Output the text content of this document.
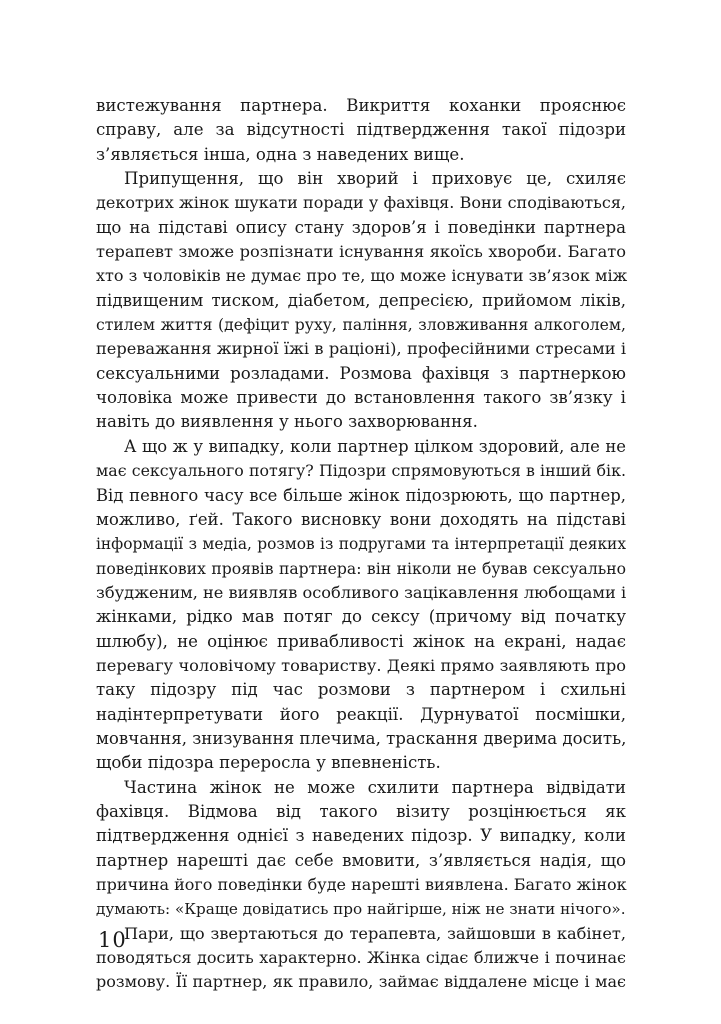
вистежування партнера. Викриття коханки прояснює
справу, але за відсутності підтвердження такої підозри
з’являється інша, одна з наведених вище.
Припущення, що він хворий і приховує це, схиляє
декотрих жінок шукати поради у фахівця. Вони сподіваються,
що на підставі опису стану здоров’я і поведінки партнера
терапевт зможе розпізнати існування якоїсь хвороби. Багато
хто з чоловіків не думає про те, що може існувати зв’язок між
підвищеним тиском, діабетом, депресією, прийомом ліків,
стилем життя (дефіцит руху, паління, зловживання алкоголем,
переважання жирної їжі в раціоні), професійними стресами і
сексуальними розладами. Розмова фахівця з партнеркою
чоловіка може привести до встановлення такого зв’язку і
навіть до виявлення у нього захворювання.
А що ж у випадку, коли партнер цілком здоровий, але не
має сексуального потягу? Підозри спрямовуються в інший бік.
Від певного часу все більше жінок підозрюють, що партнер,
можливо, ґей. Такого висновку вони доходять на підставі
інформації з медіа, розмов із подругами та інтерпретації деяких
поведінкових проявів партнера: він ніколи не бував сексуально
збудженим, не виявляв особливого зацікавлення любощами і
жінками, рідко мав потяг до сексу (причому від початку
шлюбу), не оцінює привабливості жінок на екрані, надає
перевагу чоловічому товариству. Деякі прямо заявляють про
таку підозру під час розмови з партнером і схильні
надінтерпретувати його реакції. Дурнуватої посмішки,
мовчання, знизування плечима, траскання дверима досить,
щоби підозра переросла у впевненість.
Частина жінок не може схилити партнера відвідати
фахівця. Відмова від такого візиту розцінюється як
підтвердження однієї з наведених підозр. У випадку, коли
партнер нарешті дає себе вмовити, з’являється надія, що
причина його поведінки буде нарешті виявлена. Багато жінок
думають: «Краще довідатись про найгірше, ніж не знати нічого».
Пари, що звертаються до терапевта, зайшовши в кабінет,
поводяться досить характерно. Жінка сідає ближче і починає
розмову. Її партнер, як правило, займає віддалене місце і має
10
